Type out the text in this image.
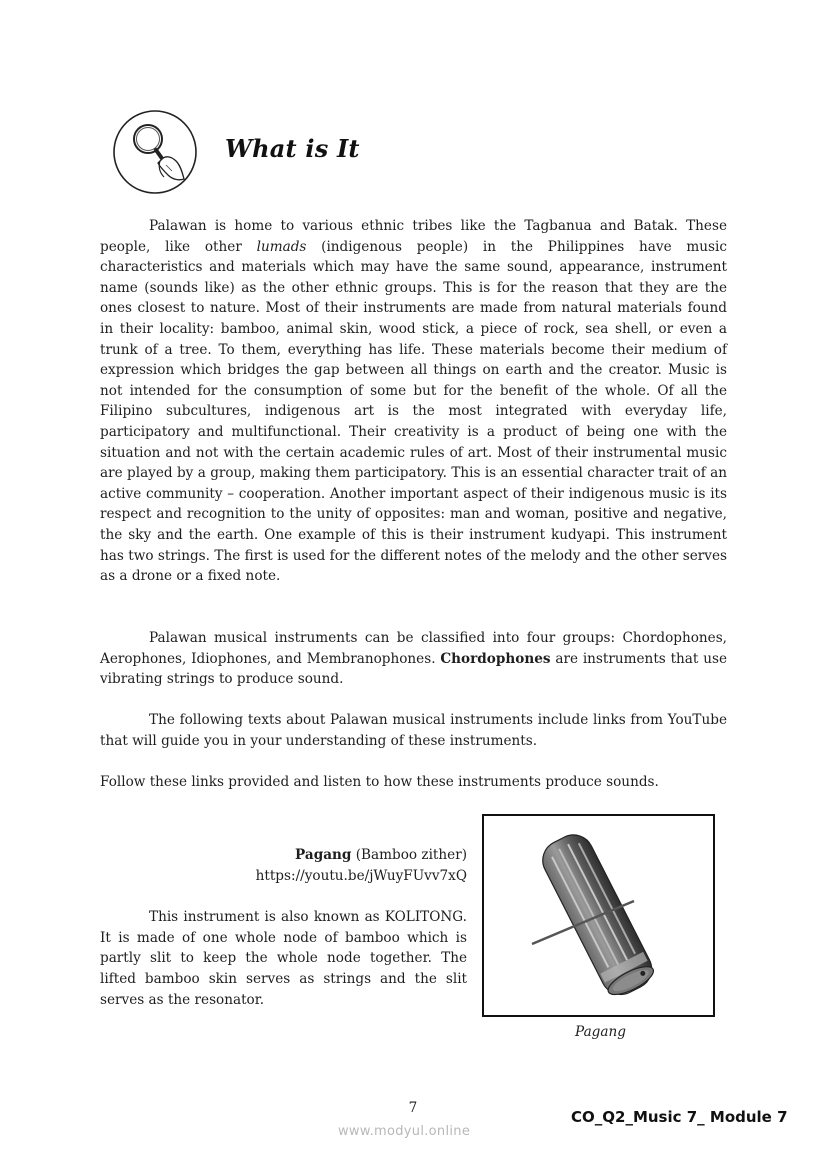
What is It

Palawan is home to various ethnic tribes like the Tagbanua and Batak. These people, like other lumads (indigenous people) in the Philippines have music characteristics and materials which may have the same sound, appearance, instrument name (sounds like) as the other ethnic groups. This is for the reason that they are the ones closest to nature. Most of their instruments are made from natural materials found in their locality: bamboo, animal skin, wood stick, a piece of rock, sea shell, or even a trunk of a tree. To them, everything has life. These materials become their medium of expression which bridges the gap between all things on earth and the creator. Music is not intended for the consumption of some but for the benefit of the whole. Of all the Filipino subcultures, indigenous art is the most integrated with everyday life, participatory and multifunctional. Their creativity is a product of being one with the situation and not with the certain academic rules of art. Most of their instrumental music are played by a group, making them participatory. This is an essential character trait of an active community – cooperation. Another important aspect of their indigenous music is its respect and recognition to the unity of opposites: man and woman, positive and negative, the sky and the earth. One example of this is their instrument kudyapi. This instrument has two strings. The first is used for the different notes of the melody and the other serves as a drone or a fixed note.

Palawan musical instruments can be classified into four groups: Chordophones, Aerophones, Idiophones, and Membranophones. Chordophones are instruments that use vibrating strings to produce sound.

The following texts about Palawan musical instruments include links from YouTube that will guide you in your understanding of these instruments.

Follow these links provided and listen to how these instruments produce sounds.

Pagang (Bamboo zither)
https://youtu.be/jWuyFUvv7xQ
This instrument is also known as KOLITONG. It is made of one whole node of bamboo which is partly slit to keep the whole node together. The lifted bamboo skin serves as strings and the slit serves as the resonator.
Pagang
7
www.modyul.online
CO_Q2_Music 7_ Module 7
